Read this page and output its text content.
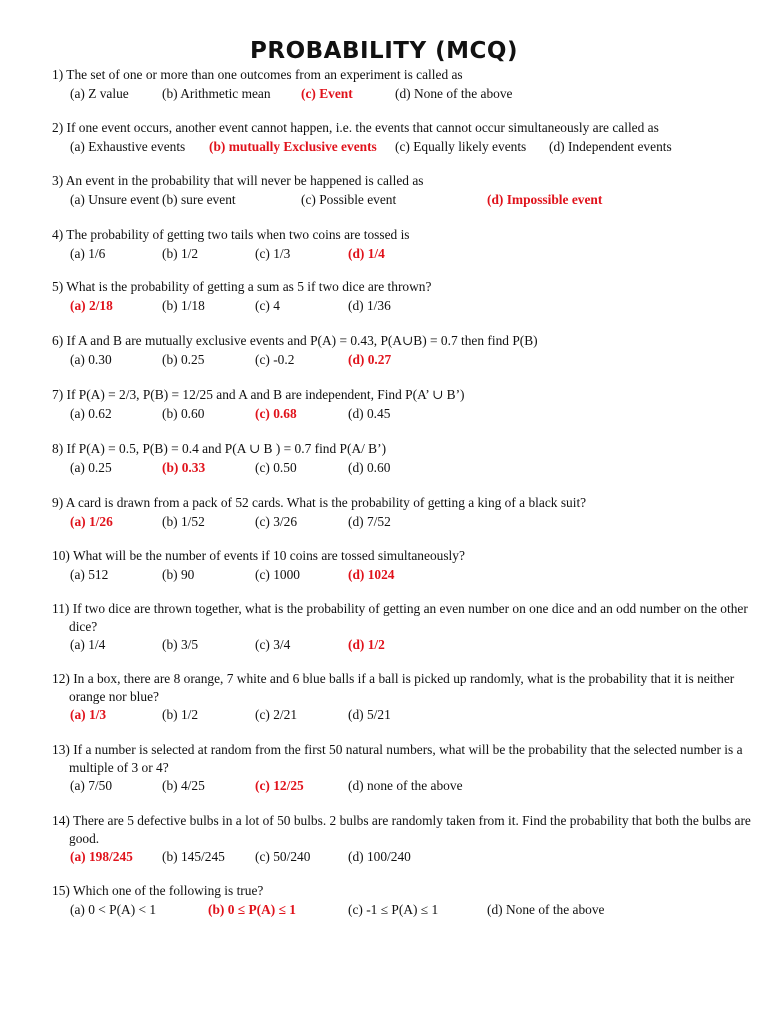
PROBABILITY (MCQ)
1) The set of one or more than one outcomes from an experiment is called as
(a) Z value (b) Arithmetic mean (c) Event	(d) None of the above
2) If one event occurs, another event cannot happen, i.e. the events that cannot occur simultaneously are called as
(a) Exhaustive events (b) mutually Exclusive events (c) Equally likely events (d) Independent events
3) An event in the probability that will never be happened is called as
(a) Unsure event (b) sure event	(c) Possible event	(d) Impossible event
4) The probability of getting two tails when two coins are tossed is
(a) 1/6	(b) 1/2	(c) 1/3	(d) 1/4
5) What is the probability of getting a sum as 5 if two dice are thrown?
(a) 2/18	(b) 1/18	(c) 4	(d) 1/36
6) If A and B are mutually exclusive events and P(A) = 0.43, P(A∪B) = 0.7 then find P(B)
(a) 0.30	(b) 0.25	(c) -0.2	(d) 0.27
7) If P(A) = 2/3, P(B) = 12/25 and A and B are independent, Find P(A’ ∪ B’)
(a) 0.62	(b) 0.60	(c) 0.68	(d) 0.45
8) If P(A) = 0.5, P(B) = 0.4 and P(A ∪ B ) = 0.7 find P(A/ B’)
(a) 0.25	(b) 0.33	(c) 0.50	(d) 0.60
9) A card is drawn from a pack of 52 cards. What is the probability of getting a king of a black suit?
(a) 1/26	(b) 1/52	(c) 3/26	(d) 7/52
10) What will be the number of events if 10 coins are tossed simultaneously?
(a) 512	(b) 90	(c) 1000	(d) 1024
11) If two dice are thrown together, what is the probability of getting an even number on one dice and an odd number on the other dice?
(a) 1/4	(b) 3/5	(c) 3/4	(d) 1/2
12) In a box, there are 8 orange, 7 white and 6 blue balls if a ball is picked up randomly, what is the probability that it is neither orange nor blue?
(a) 1/3	(b) 1/2	(c) 2/21	(d) 5/21
13) If a number is selected at random from the first 50 natural numbers, what will be the probability that the selected number is a multiple of 3 or 4?
(a) 7/50	(b) 4/25	(c) 12/25	(d) none of the above
14) There are 5 defective bulbs in a lot of 50 bulbs. 2 bulbs are randomly taken from it. Find the probability that both the bulbs are good.
(a) 198/245 (b) 145/245 (c) 50/240	(d) 100/240
15) Which one of the following is true?
(a) 0 < P(A) < 1	(b) 0 ≤ P(A) ≤ 1	(c) -1 ≤ P(A) ≤ 1	(d) None of the above
